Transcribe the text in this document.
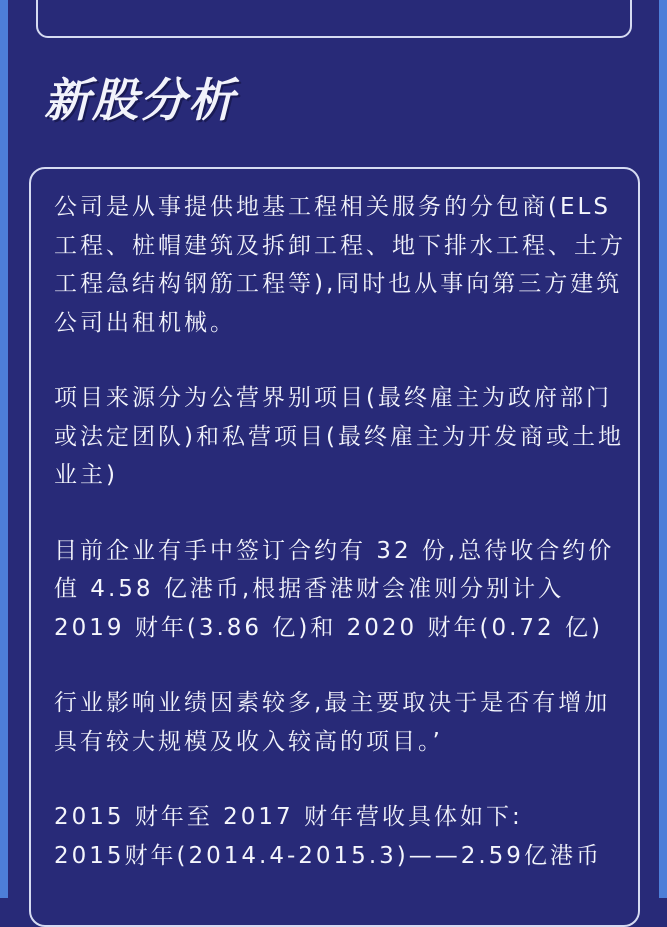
新股分析

公司是从事提供地基工程相关服务的分包商(ELS 工程、桩帽建筑及拆卸工程、地下排水工程、土方工程急结构钢筋工程等),同时也从事向第三方建筑公司出租机械。

项目来源分为公营界别项目(最终雇主为政府部门或法定团队)和私营项目(最终雇主为开发商或土地业主)

目前企业有手中签订合约有 32 份,总待收合约价值 4.58 亿港币,根据香港财会准则分别计入 2019 财年(3.86 亿)和 2020 财年(0.72 亿)

行业影响业绩因素较多,最主要取决于是否有增加具有较大规模及收入较高的项目。’

2015 财年至 2017 财年营收具体如下:

2015财年(2014.4-2015.3)——2.59亿港币
